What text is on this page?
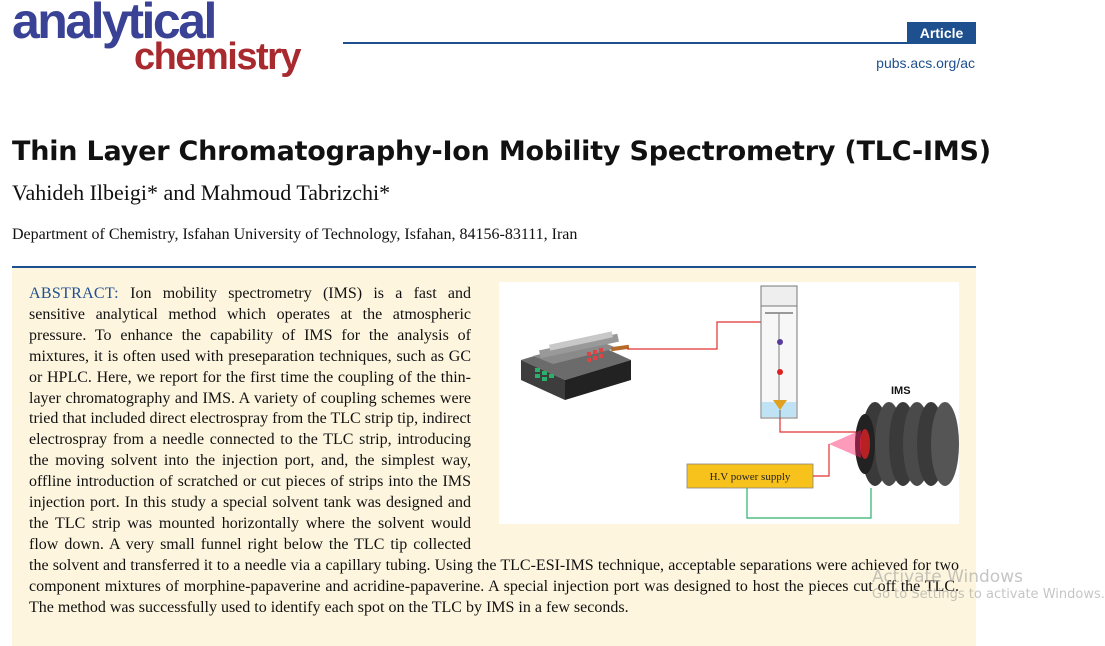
analytical
chemistry
Article
pubs.acs.org/ac
Thin Layer Chromatography-Ion Mobility Spectrometry (TLC-IMS)
Vahideh Ilbeigi* and Mahmoud Tabrizchi*
Department of Chemistry, Isfahan University of Technology, Isfahan, 84156-83111, Iran
ABSTRACT: Ion mobility spectrometry (IMS) is a fast and sensitive analytical method which operates at the atmospheric pressure. To enhance the capability of IMS for the analysis of mixtures, it is often used with preseparation techniques, such as GC or HPLC. Here, we report for the first time the coupling of the thin-layer chromatography and IMS. A variety of coupling schemes were tried that included direct electrospray from the TLC strip tip, indirect electrospray from a needle connected to the TLC strip, introducing the moving solvent into the injection port, and, the simplest way, offline introduction of scratched or cut pieces of strips into the IMS injection port. In this study a special solvent tank was designed and the TLC strip was mounted horizontally where the solvent would flow down. A very small funnel right below the TLC tip collected the solvent and transferred it to a needle via a capillary tubing. Using the TLC-ESI-IMS technique, acceptable separations were achieved for two component mixtures of morphine-papaverine and acridine-papaverine. A special injection port was designed to host the pieces cut off the TLC. The method was successfully used to identify each spot on the TLC by IMS in a few seconds.
IMS
H.V power supply
Activate Windows
Go to Settings to activate Windows.
